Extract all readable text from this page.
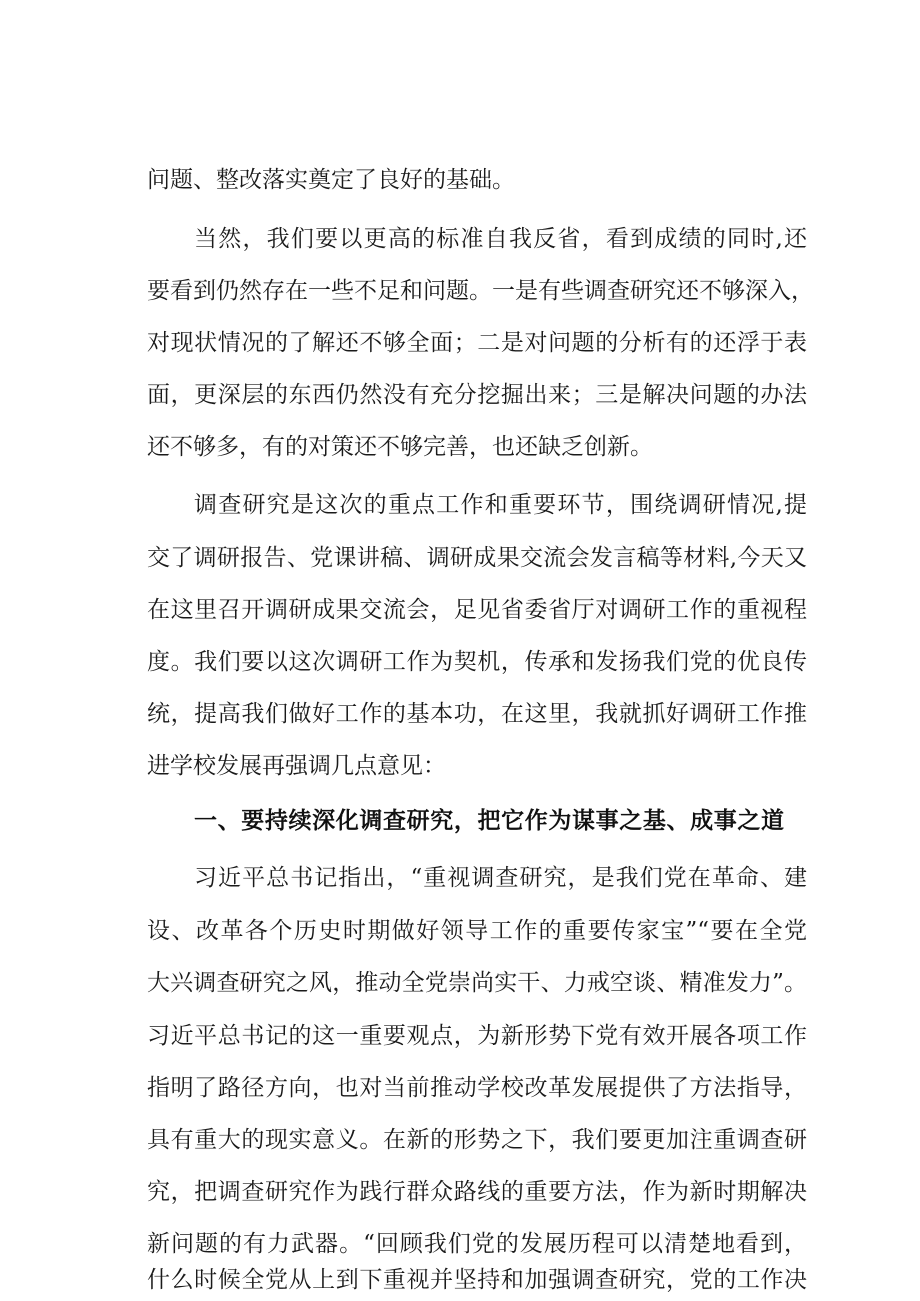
问题、整改落实奠定了良好的基础。
当然，我们要以更高的标准自我反省，看到成绩的同时,还
要看到仍然存在一些不足和问题。一是有些调查研究还不够深入，
对现状情况的了解还不够全面；二是对问题的分析有的还浮于表
面，更深层的东西仍然没有充分挖掘出来；三是解决问题的办法
还不够多，有的对策还不够完善，也还缺乏创新。
调查研究是这次的重点工作和重要环节，围绕调研情况,提
交了调研报告、党课讲稿、调研成果交流会发言稿等材料,今天又
在这里召开调研成果交流会，足见省委省厅对调研工作的重视程
度。我们要以这次调研工作为契机，传承和发扬我们党的优良传
统，提高我们做好工作的基本功，在这里，我就抓好调研工作推
进学校发展再强调几点意见：
一、要持续深化调查研究，把它作为谋事之基、成事之道
习近平总书记指出，“重视调查研究，是我们党在革命、建
设、改革各个历史时期做好领导工作的重要传家宝”“要在全党
大兴调查研究之风，推动全党崇尚实干、力戒空谈、精准发力”。
习近平总书记的这一重要观点，为新形势下党有效开展各项工作
指明了路径方向，也对当前推动学校改革发展提供了方法指导，
具有重大的现实意义。在新的形势之下，我们要更加注重调查研
究，把调查研究作为践行群众路线的重要方法，作为新时期解决
新问题的有力武器。“回顾我们党的发展历程可以清楚地看到，
什么时候全党从上到下重视并坚持和加强调查研究，党的工作决
